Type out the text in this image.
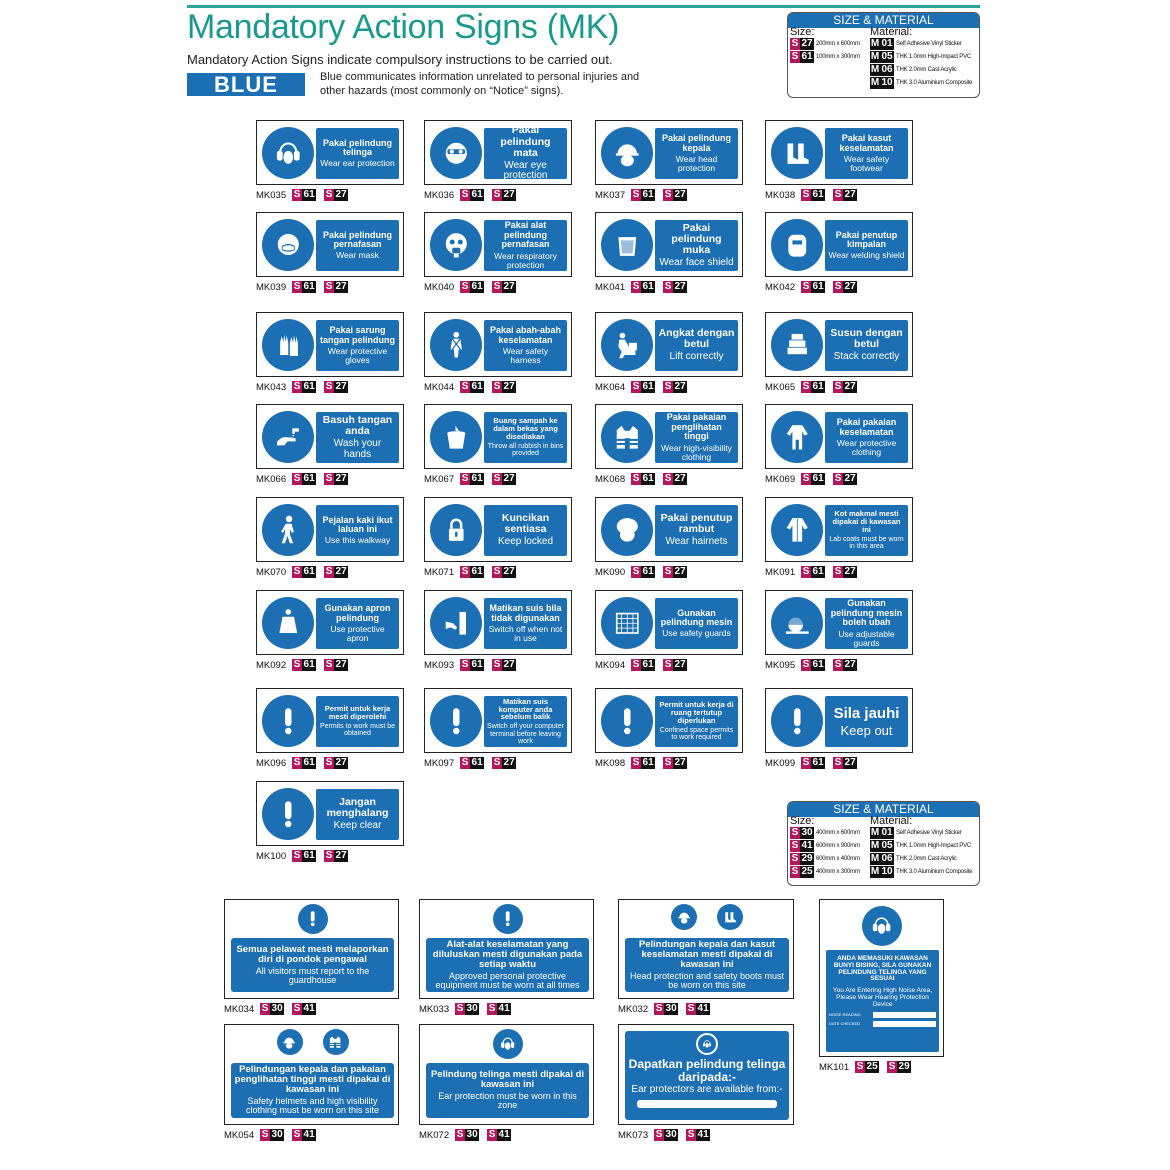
Mandatory Action Signs (MK)
Mandatory Action Signs indicate compulsory instructions to be carried out.
BLUE	Blue communicates information unrelated to personal injuries and other hazards (most commonly on “Notice” signs).
SIZE & MATERIAL
Size:	Material:
S 27 200mm x 600mm
S 61 100mm x 300mm
M 01 Self Adhesive Vinyl Sticker
M 05 THK 1.0mm High-Impact PVC
M 06 THK 2.0mm Cast Acrylic
M 10 THK 3.0 Aluminium Composite
SIZE & MATERIAL
Size:	Material:
S 30 400mm x 600mm
S 41 600mm x 900mm
S 29 600mm x 400mm
S 25 400mm x 300mm
M 01 Self Adhesive Vinyl Sticker
M 05 THK 1.0mm High-Impact PVC
M 06 THK 2.0mm Cast Acrylic
M 10 THK 3.0 Aluminium Composite
Pakai pelindung telinga
Wear ear protection
MK035 S 61 S 27
Pakai pelindung mata
Wear eye protection
MK036 S 61 S 27
Pakai pelindung kepala
Wear head protection
MK037 S 61 S 27
Pakai kasut keselamatan
Wear safety footwear
MK038 S 61 S 27
Pakai pelindung pernafasan
Wear mask
MK039 S 61 S 27
Pakai alat pelindung pernafasan
Wear respiratory protection
MK040 S 61 S 27
Pakai pelindung muka
Wear face shield
MK041 S 61 S 27
Pakai penutup kimpalan
Wear welding shield
MK042 S 61 S 27
Pakai sarung tangan pelindung
Wear protective gloves
MK043 S 61 S 27
Pakai abah-abah keselamatan
Wear safety harness
MK044 S 61 S 27
Angkat dengan betul
Lift correctly
MK064 S 61 S 27
Susun dengan betul
Stack correctly
MK065 S 61 S 27
Basuh tangan anda
Wash your hands
MK066 S 61 S 27
Buang sampah ke dalam bekas yang disediakan
Throw all rubbish in bins provided
MK067 S 61 S 27
Pakai pakaian penglihatan tinggi
Wear high-visibility clothing
MK068 S 61 S 27
Pakai pakaian keselamatan
Wear protective clothing
MK069 S 61 S 27
Pejalan kaki ikut laluan ini
Use this walkway
MK070 S 61 S 27
Kuncikan sentiasa
Keep locked
MK071 S 61 S 27
Pakai penutup rambut
Wear hairnets
MK090 S 61 S 27
Kot makmal mesti dipakai di kawasan ini
Lab coats must be worn in this area
MK091 S 61 S 27
Gunakan apron pelindung
Use protective apron
MK092 S 61 S 27
Matikan suis bila tidak digunakan
Switch off when not in use
MK093 S 61 S 27
Gunakan pelindung mesin
Use safety guards
MK094 S 61 S 27
Gunakan pelindung mesin boleh ubah
Use adjustable guards
MK095 S 61 S 27
Permit untuk kerja mesti diperolehi
Permits to work must be obtained
MK096 S 61 S 27
Matikan suis komputer anda sebelum balik
Switch off your computer terminal before leaving work
MK097 S 61 S 27
Permit untuk kerja di ruang tertutup diperlukan
Confined space permits to work required
MK098 S 61 S 27
Sila jauhi
Keep out
MK099 S 61 S 27
Jangan menghalang
Keep clear
MK100 S 61 S 27
Semua pelawat mesti melaporkan diri di pondok pengawal
All visitors must report to the guardhouse
MK034 S 30 S 41
Alat-alat keselamatan yang diluluskan mesti digunakan pada setiap waktu
Approved personal protective equipment must be worn at all times
MK033 S 30 S 41
Pelindungan kepala dan kasut keselamatan mesti dipakai di kawasan ini
Head protection and safety boots must be worn on this site
MK032 S 30 S 41
Pelindungan kepala dan pakaian penglihatan tinggi mesti dipakai di kawasan ini
Safety helmets and high visibility clothing must be worn on this site
MK054 S 30 S 41
Pelindung telinga mesti dipakai di kawasan ini
Ear protection must be worn in this zone
MK072 S 30 S 41
Dapatkan pelindung telinga daripada:-
Ear protectors are available from:-
MK073 S 30 S 41
ANDA MEMASUKI KAWASAN BUNYI BISING, SILA GUNAKAN PELINDUNG TELINGA YANG SESUAI
You Are Entering High Noise Area, Please Wear Hearing Protection Device
NOISE READING
DATE CHECKED
MK101 S 25 S 29
